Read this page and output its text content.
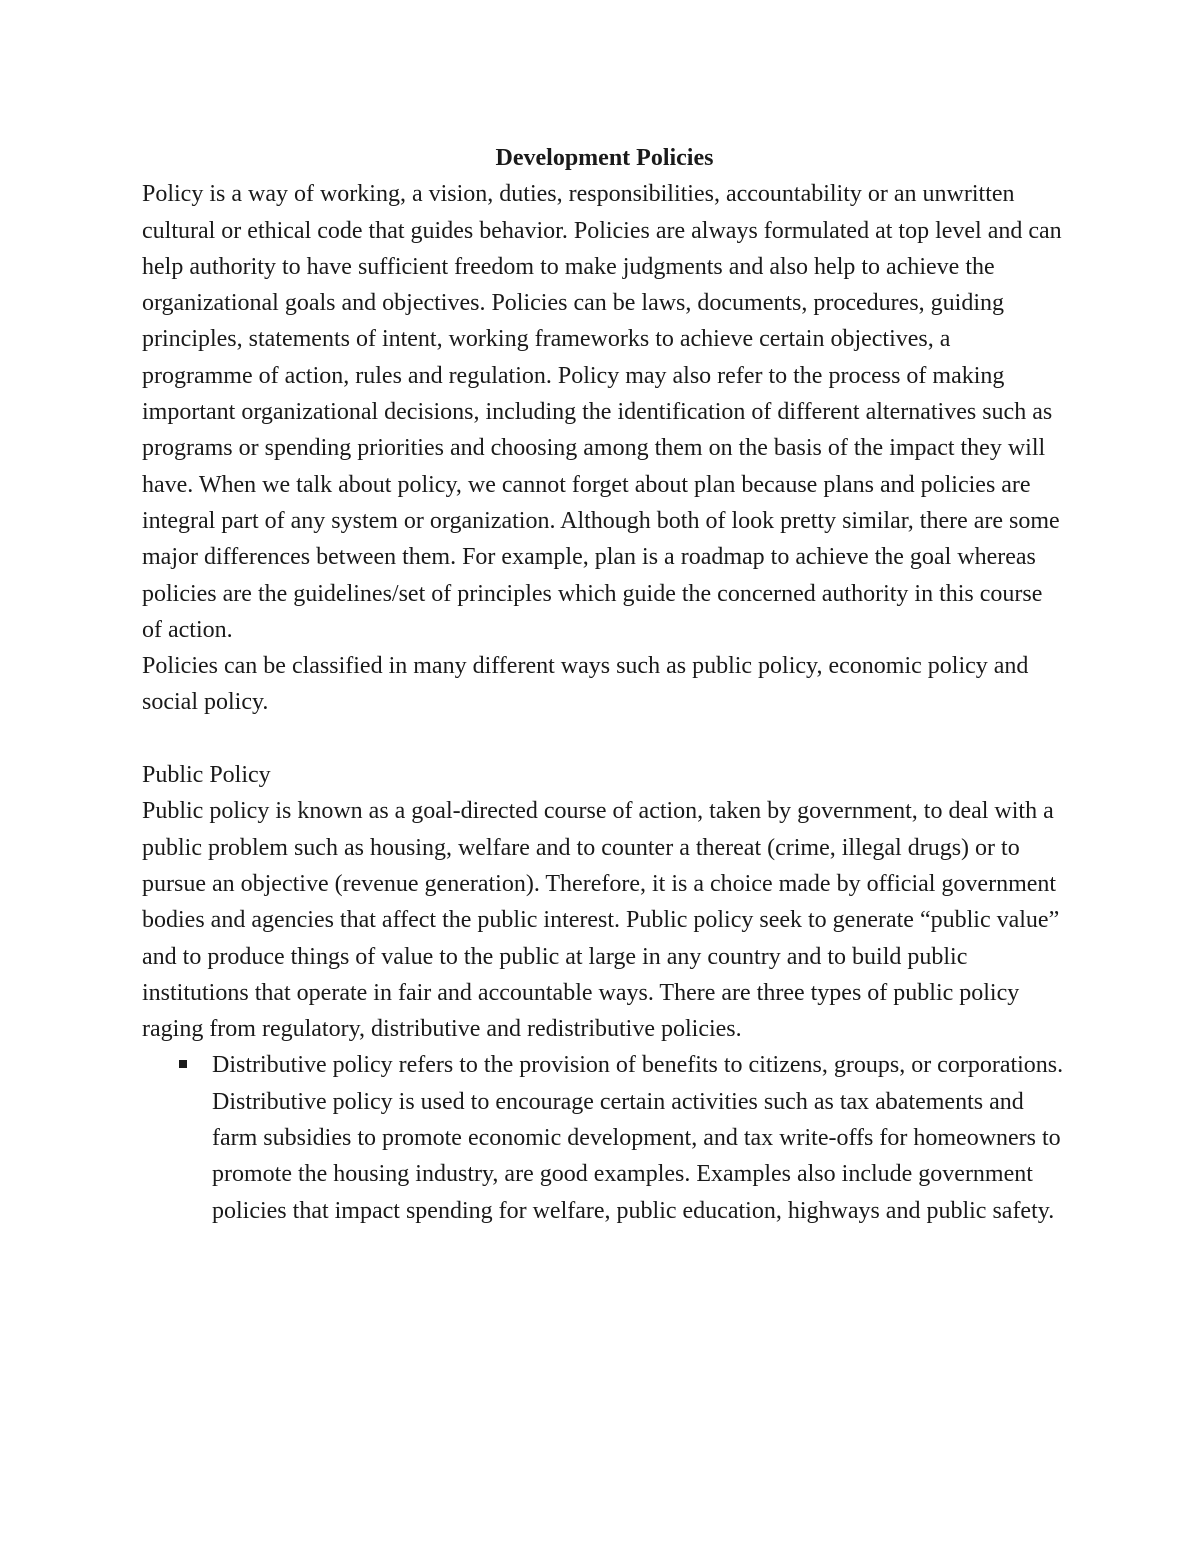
Development Policies

Policy is a way of working, a vision, duties, responsibilities, accountability or an unwritten cultural or ethical code that guides behavior. Policies are always formulated at top level and can help authority to have sufficient freedom to make judgments and also help to achieve the organizational goals and objectives. Policies can be laws, documents, procedures, guiding principles, statements of intent, working frameworks to achieve certain objectives, a programme of action, rules and regulation. Policy may also refer to the process of making important organizational decisions, including the identification of different alternatives such as programs or spending priorities and choosing among them on the basis of the impact they will have. When we talk about policy, we cannot forget about plan because plans and policies are integral part of any system or organization. Although both of look pretty similar, there are some major differences between them. For example, plan is a roadmap to achieve the goal whereas policies are the guidelines/set of principles which guide the concerned authority in this course of action.

Policies can be classified in many different ways such as public policy, economic policy and social policy.

Public Policy

Public policy is known as a goal-directed course of action, taken by government, to deal with a public problem such as housing, welfare and to counter a thereat (crime, illegal drugs) or to pursue an objective (revenue generation). Therefore, it is a choice made by official government bodies and agencies that affect the public interest. Public policy seek to generate “public value” and to produce things of value to the public at large in any country and to build public institutions that operate in fair and accountable ways. There are three types of public policy raging from regulatory, distributive and redistributive policies.

Distributive policy refers to the provision of benefits to citizens, groups, or corporations. Distributive policy is used to encourage certain activities such as tax abatements and farm subsidies to promote economic development, and tax write-offs for homeowners to promote the housing industry, are good examples. Examples also include government policies that impact spending for welfare, public education, highways and public safety.
